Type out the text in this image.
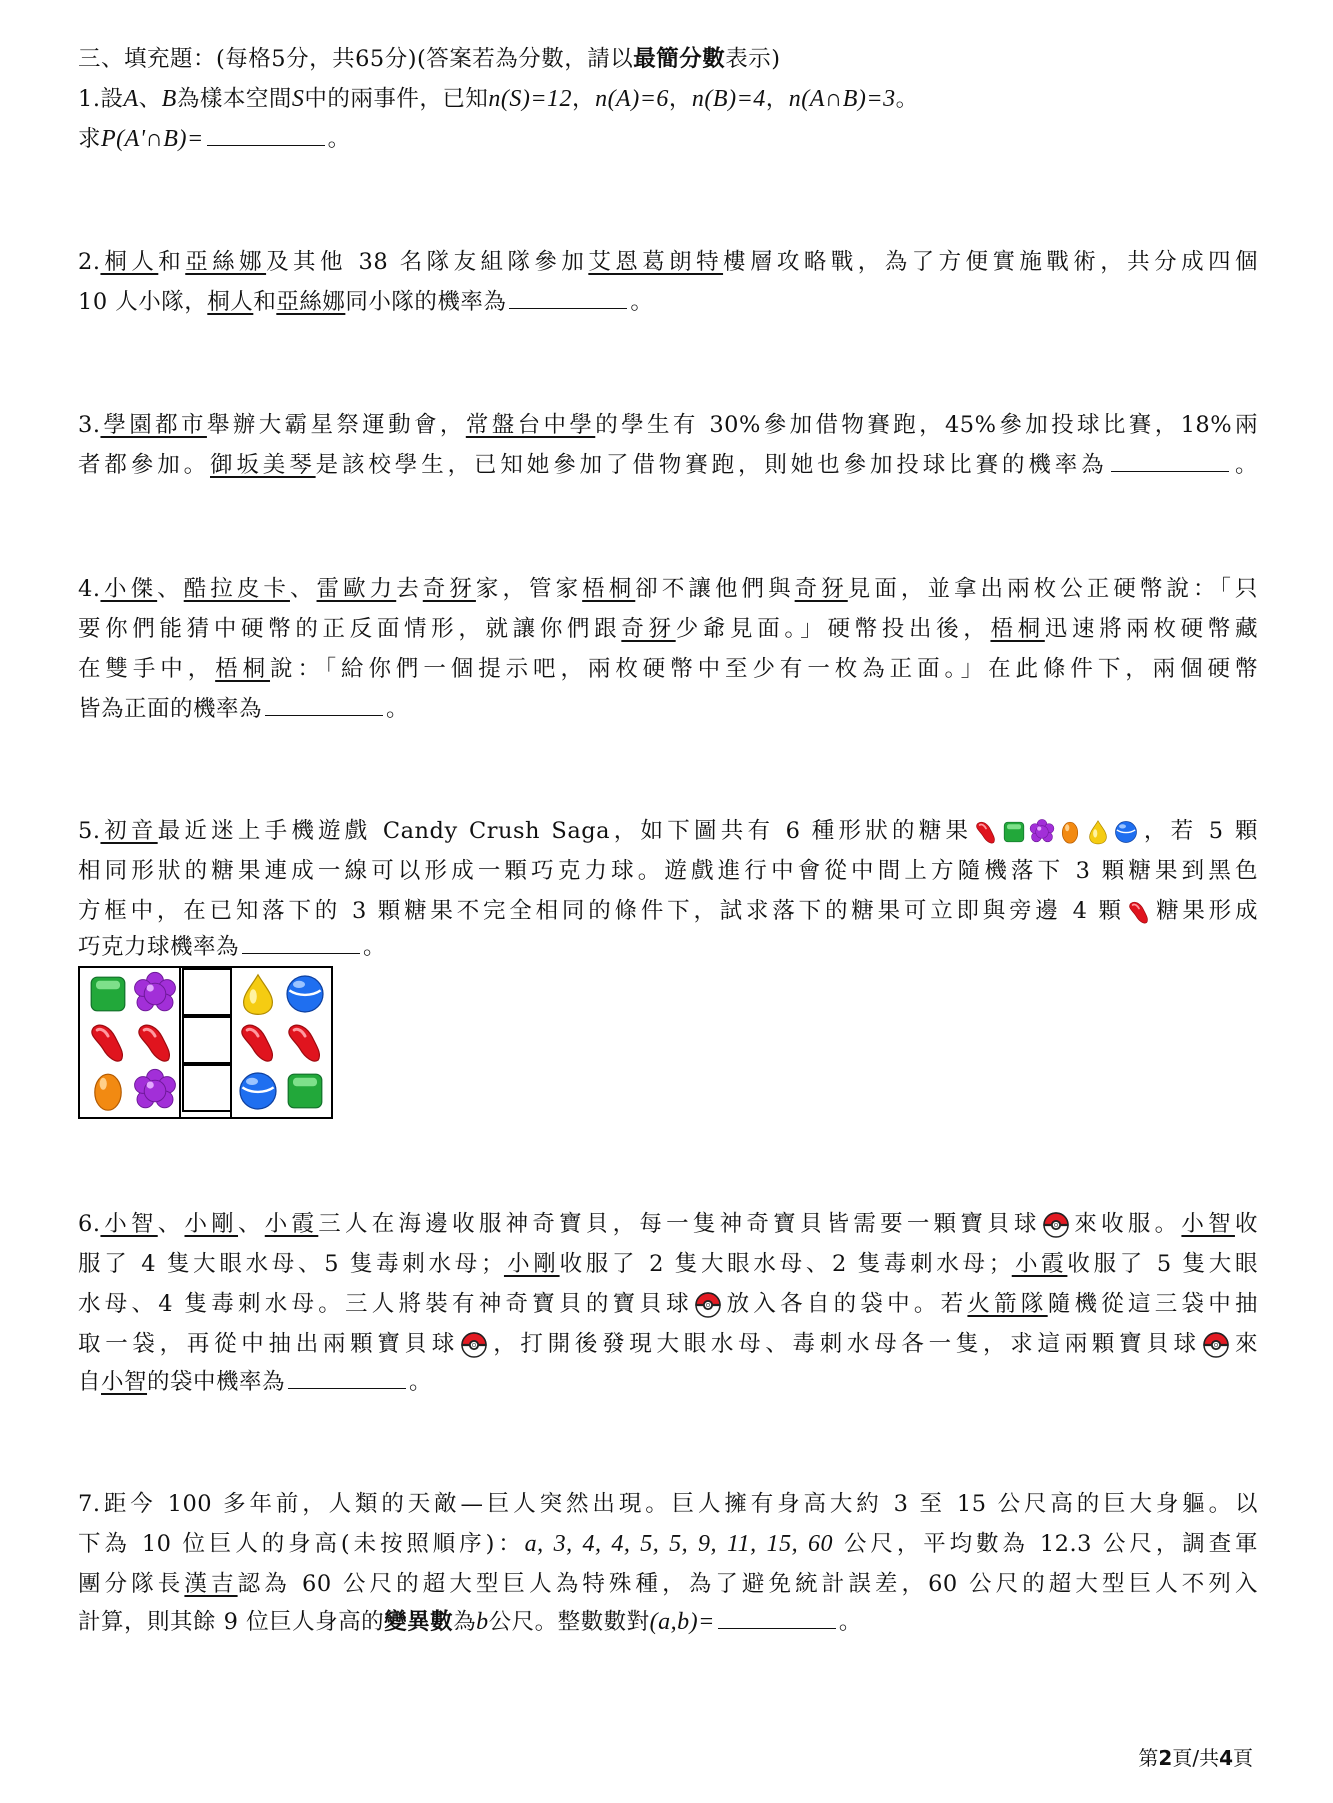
三、填充題：(每格5分，共65分)(答案若為分數，請以最簡分數表示)
1.設A、B為樣本空間S中的兩事件，已知n(S)=12，n(A)=6，n(B)=4，n(A∩B)=3。
求P(A'∩B)=	。
2.桐人和亞絲娜及其他 38 名隊友組隊參加艾恩葛朗特樓層攻略戰，為了方便實施戰術，共分成四個
10 人小隊，桐人和亞絲娜同小隊的機率為	。
3.學園都市舉辦大霸星祭運動會，常盤台中學的學生有 30%參加借物賽跑，45%參加投球比賽，18%兩
者都參加。御坂美琴是該校學生，已知她參加了借物賽跑，則她也參加投球比賽的機率為	。
4.小傑、酷拉皮卡、雷歐力去奇犽家，管家梧桐卻不讓他們與奇犽見面，並拿出兩枚公正硬幣說：「只
要你們能猜中硬幣的正反面情形，就讓你們跟奇犽少爺見面。」硬幣投出後，梧桐迅速將兩枚硬幣藏
在雙手中，梧桐說：「給你們一個提示吧，兩枚硬幣中至少有一枚為正面。」在此條件下，兩個硬幣
皆為正面的機率為	。
5.初音最近迷上手機遊戲 Candy Crush Saga，如下圖共有 6 種形狀的糖果	，若 5 顆
相同形狀的糖果連成一線可以形成一顆巧克力球。遊戲進行中會從中間上方隨機落下 3 顆糖果到黑色
方框中，在已知落下的 3 顆糖果不完全相同的條件下，試求落下的糖果可立即與旁邊 4 顆 糖果形成
巧克力球機率為	。
6.小智、小剛、小霞三人在海邊收服神奇寶貝，每一隻神奇寶貝皆需要一顆寶貝球 來收服。小智收
服了 4 隻大眼水母、5 隻毒刺水母；小剛收服了 2 隻大眼水母、2 隻毒刺水母；小霞收服了 5 隻大眼
水母、4 隻毒刺水母。三人將裝有神奇寶貝的寶貝球 放入各自的袋中。若火箭隊隨機從這三袋中抽
取一袋，再從中抽出兩顆寶貝球 ，打開後發現大眼水母、毒刺水母各一隻，求這兩顆寶貝球 來
自小智的袋中機率為	。
7.距今 100 多年前，人類的天敵—巨人突然出現。巨人擁有身高大約 3 至 15 公尺高的巨大身軀。以
下為 10 位巨人的身高(未按照順序)：a, 3, 4, 4, 5, 5, 9, 11, 15, 60 公尺，平均數為 12.3 公尺，調查軍
團分隊長漢吉認為 60 公尺的超大型巨人為特殊種，為了避免統計誤差，60 公尺的超大型巨人不列入
計算，則其餘 9 位巨人身高的變異數為b公尺。整數數對(a,b)=	。
第2頁/共4頁
